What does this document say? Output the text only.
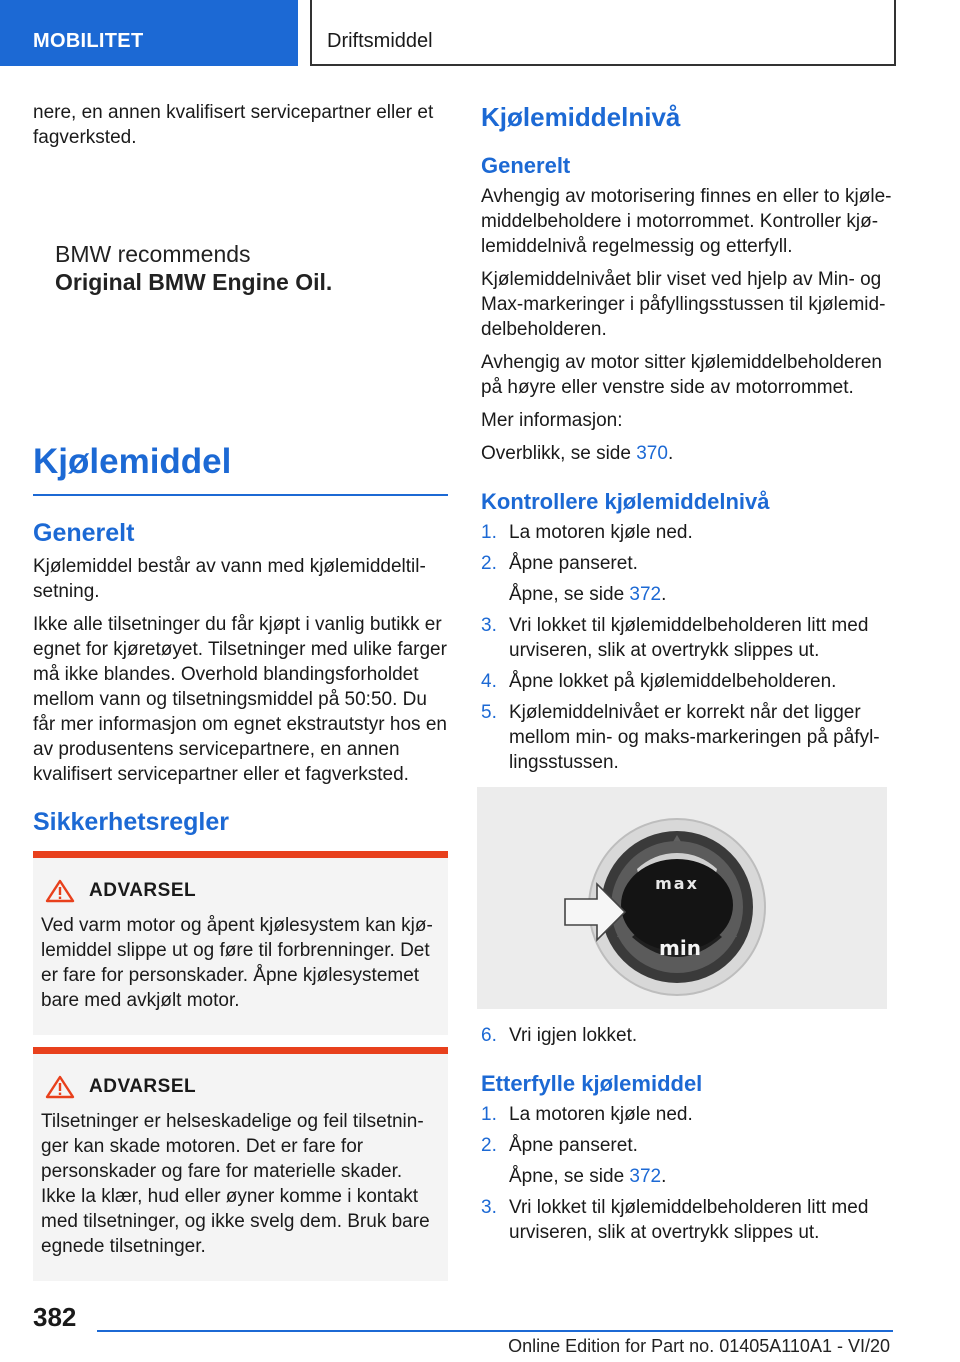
MOBILITET	Driftsmiddel

nere, en annen kvalifisert servicepartner eller et fagverksted.

BMW recommends
Original BMW Engine Oil.
Kjølemiddel
Generelt

Kjølemiddel består av vann med kjølemiddeltilsetning.

Ikke alle tilsetninger du får kjøpt i vanlig butikk er egnet for kjøretøyet. Tilsetninger med ulike farger må ikke blandes. Overhold blandingsforholdet mellom vann og tilsetningsmiddel på 50:50. Du får mer informasjon om egnet ekstrautstyr hos en av produsentens servicepartnere, en annen kvalifisert servicepartner eller et fagverksted.

Sikkerhetsregler
ADVARSEL
Ved varm motor og åpent kjølesystem kan kjølemiddel slippe ut og føre til forbrenninger. Det er fare for personskader. Åpne kjølesystemet bare med avkjølt motor.
ADVARSEL
Tilsetninger er helseskadelige og feil tilsetninger kan skade motoren. Det er fare for personskader og fare for materielle skader. Ikke la klær, hud eller øyner komme i kontakt med tilsetninger, og ikke svelg dem. Bruk bare egnede tilsetninger.
Kjølemiddelnivå
Generelt

Avhengig av motorisering finnes en eller to kjølemiddelbeholdere i motorrommet. Kontroller kjølemiddelnivå regelmessig og etterfyll.

Kjølemiddelnivået blir viset ved hjelp av Min- og Max-markeringer i påfyllingsstussen til kjølemiddelbeholderen.

Avhengig av motor sitter kjølemiddelbeholderen på høyre eller venstre side av motorrommet.

Mer informasjon:

Overblikk, se side 370.

Kontrollere kjølemiddelnivå
1. La motoren kjøle ned.
2. Åpne panseret.
Åpne, se side 372.
3. Vri lokket til kjølemiddelbeholderen litt med urviseren, slik at overtrykk slippes ut.
4. Åpne lokket på kjølemiddelbeholderen.
5. Kjølemiddelnivået er korrekt når det ligger mellom min- og maks-markeringen på påfyllingsstussen.
max
min
6. Vri igjen lokket.
Etterfylle kjølemiddel
1. La motoren kjøle ned.
2. Åpne panseret.
Åpne, se side 372.
3. Vri lokket til kjølemiddelbeholderen litt med urviseren, slik at overtrykk slippes ut.
382
Online Edition for Part no. 01405A110A1 - VI/20
